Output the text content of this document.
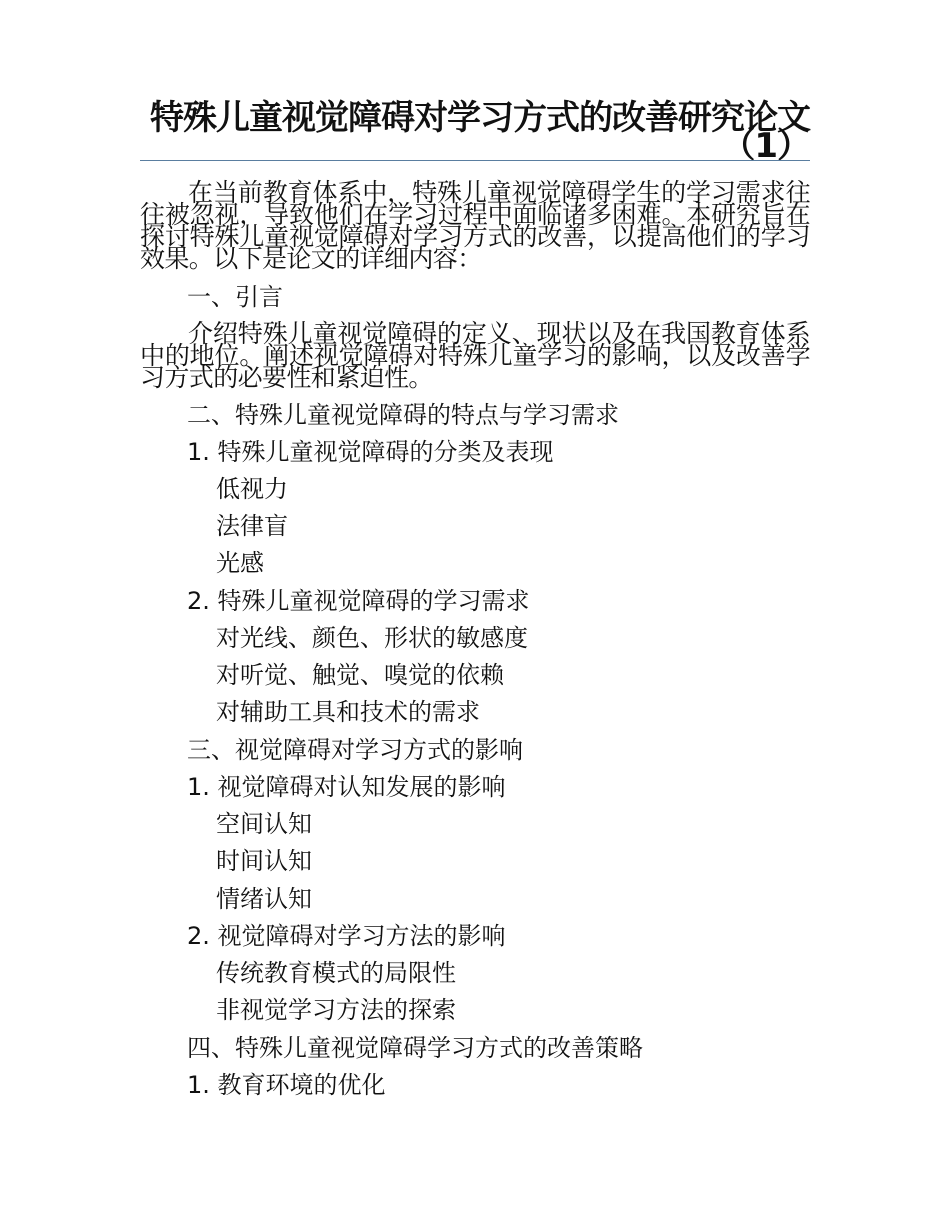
特殊儿童视觉障碍对学习方式的改善研究论文（1）

在当前教育体系中，特殊儿童视觉障碍学生的学习需求往往被忽视，导致他们在学习过程中面临诸多困难。本研究旨在探讨特殊儿童视觉障碍对学习方式的改善，以提高他们的学习效果。以下是论文的详细内容：

一、引言

介绍特殊儿童视觉障碍的定义、现状以及在我国教育体系中的地位。阐述视觉障碍对特殊儿童学习的影响，以及改善学习方式的必要性和紧迫性。

二、特殊儿童视觉障碍的特点与学习需求

1. 特殊儿童视觉障碍的分类及表现

低视力

法律盲

光感

2. 特殊儿童视觉障碍的学习需求

对光线、颜色、形状的敏感度

对听觉、触觉、嗅觉的依赖

对辅助工具和技术的需求

三、视觉障碍对学习方式的影响

1. 视觉障碍对认知发展的影响

空间认知

时间认知

情绪认知

2. 视觉障碍对学习方法的影响

传统教育模式的局限性

非视觉学习方法的探索

四、特殊儿童视觉障碍学习方式的改善策略

1. 教育环境的优化
